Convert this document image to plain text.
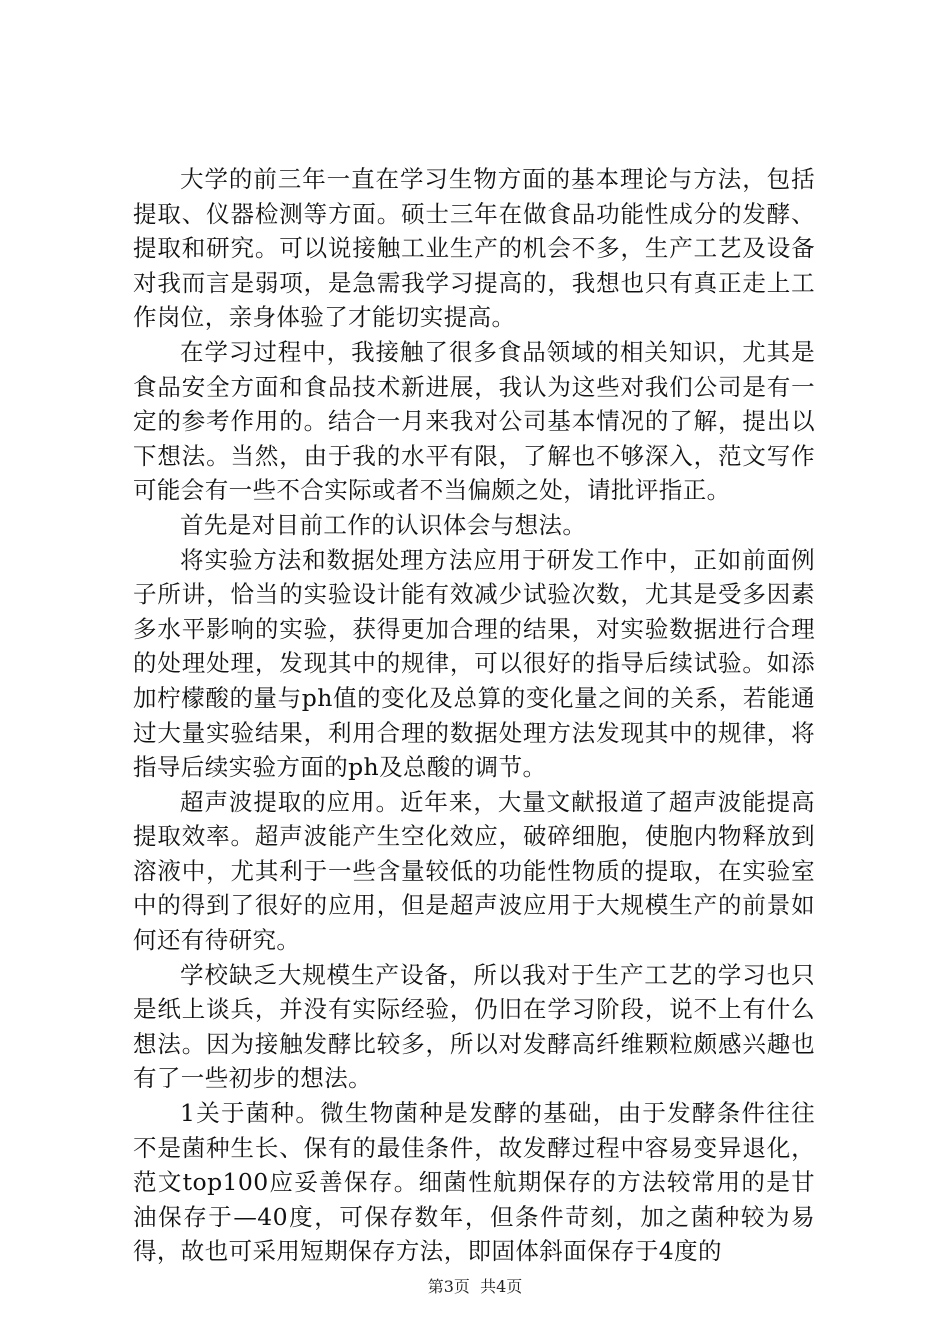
大学的前三年一直在学习生物方面的基本理论与方法，包括提取、仪器检测等方面。硕士三年在做食品功能性成分的发酵、提取和研究。可以说接触工业生产的机会不多，生产工艺及设备对我而言是弱项，是急需我学习提高的，我想也只有真正走上工作岗位，亲身体验了才能切实提高。

在学习过程中，我接触了很多食品领域的相关知识，尤其是食品安全方面和食品技术新进展，我认为这些对我们公司是有一定的参考作用的。结合一月来我对公司基本情况的了解，提出以下想法。当然，由于我的水平有限，了解也不够深入，范文写作可能会有一些不合实际或者不当偏颇之处，请批评指正。

首先是对目前工作的认识体会与想法。

将实验方法和数据处理方法应用于研发工作中，正如前面例子所讲，恰当的实验设计能有效减少试验次数，尤其是受多因素多水平影响的实验，获得更加合理的结果，对实验数据进行合理的处理处理，发现其中的规律，可以很好的指导后续试验。如添加柠檬酸的量与ph值的变化及总算的变化量之间的关系，若能通过大量实验结果，利用合理的数据处理方法发现其中的规律，将指导后续实验方面的ph及总酸的调节。

超声波提取的应用。近年来，大量文献报道了超声波能提高提取效率。超声波能产生空化效应，破碎细胞，使胞内物释放到溶液中，尤其利于一些含量较低的功能性物质的提取，在实验室中的得到了很好的应用，但是超声波应用于大规模生产的前景如何还有待研究。

学校缺乏大规模生产设备，所以我对于生产工艺的学习也只是纸上谈兵，并没有实际经验，仍旧在学习阶段，说不上有什么想法。因为接触发酵比较多，所以对发酵高纤维颗粒颇感兴趣也有了一些初步的想法。

1关于菌种。微生物菌种是发酵的基础，由于发酵条件往往不是菌种生长、保有的最佳条件，故发酵过程中容易变异退化，范文top100应妥善保存。细菌性航期保存的方法较常用的是甘油保存于—40度，可保存数年，但条件苛刻，加之菌种较为易得，故也可采用短期保存方法，即固体斜面保存于4度的

第3页  共4页
